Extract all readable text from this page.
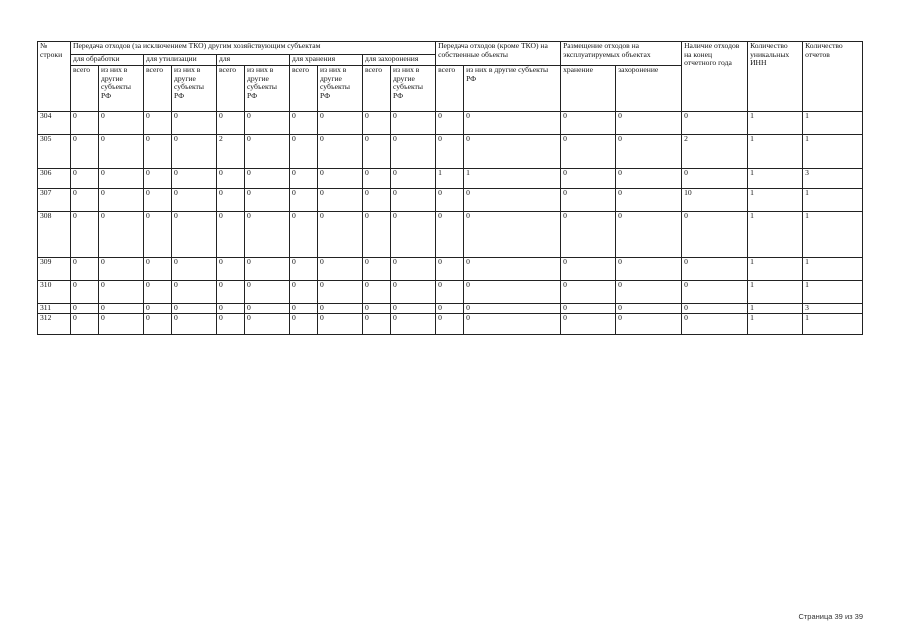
№ строки	Передача отходов (за исключением ТКО) другим хозяйствующим субъектам										Передача отходов (кроме ТКО) на собственные объекты		Размещение отходов на эксплуатируемых объектах		Наличие отходов на конец отчетного года	Количество уникальных ИНН	Количество отчетов
	для обработки		для утилизации		для		для хранения		для захоронения								
	всего	из них в другие субъекты РФ	всего	из них в другие субъекты РФ	всего	из них в другие субъекты РФ	всего	из них в другие субъекты РФ	всего	из них в другие субъекты РФ	всего	из них в другие субъекты РФ	хранение	захоронение			
304	0	0	0	0	0	0	0	0	0	0	0	0	0	0	0	1	1
305	0	0	0	0	2	0	0	0	0	0	0	0	0	0	2	1	1
306	0	0	0	0	0	0	0	0	0	0	1	1	0	0	0	1	3
307	0	0	0	0	0	0	0	0	0	0	0	0	0	0	10	1	1
308	0	0	0	0	0	0	0	0	0	0	0	0	0	0	0	1	1
309	0	0	0	0	0	0	0	0	0	0	0	0	0	0	0	1	1
310	0	0	0	0	0	0	0	0	0	0	0	0	0	0	0	1	1
311	0	0	0	0	0	0	0	0	0	0	0	0	0	0	0	1	3
312	0	0	0	0	0	0	0	0	0	0	0	0	0	0	0	1	1
Страница 39 из 39
